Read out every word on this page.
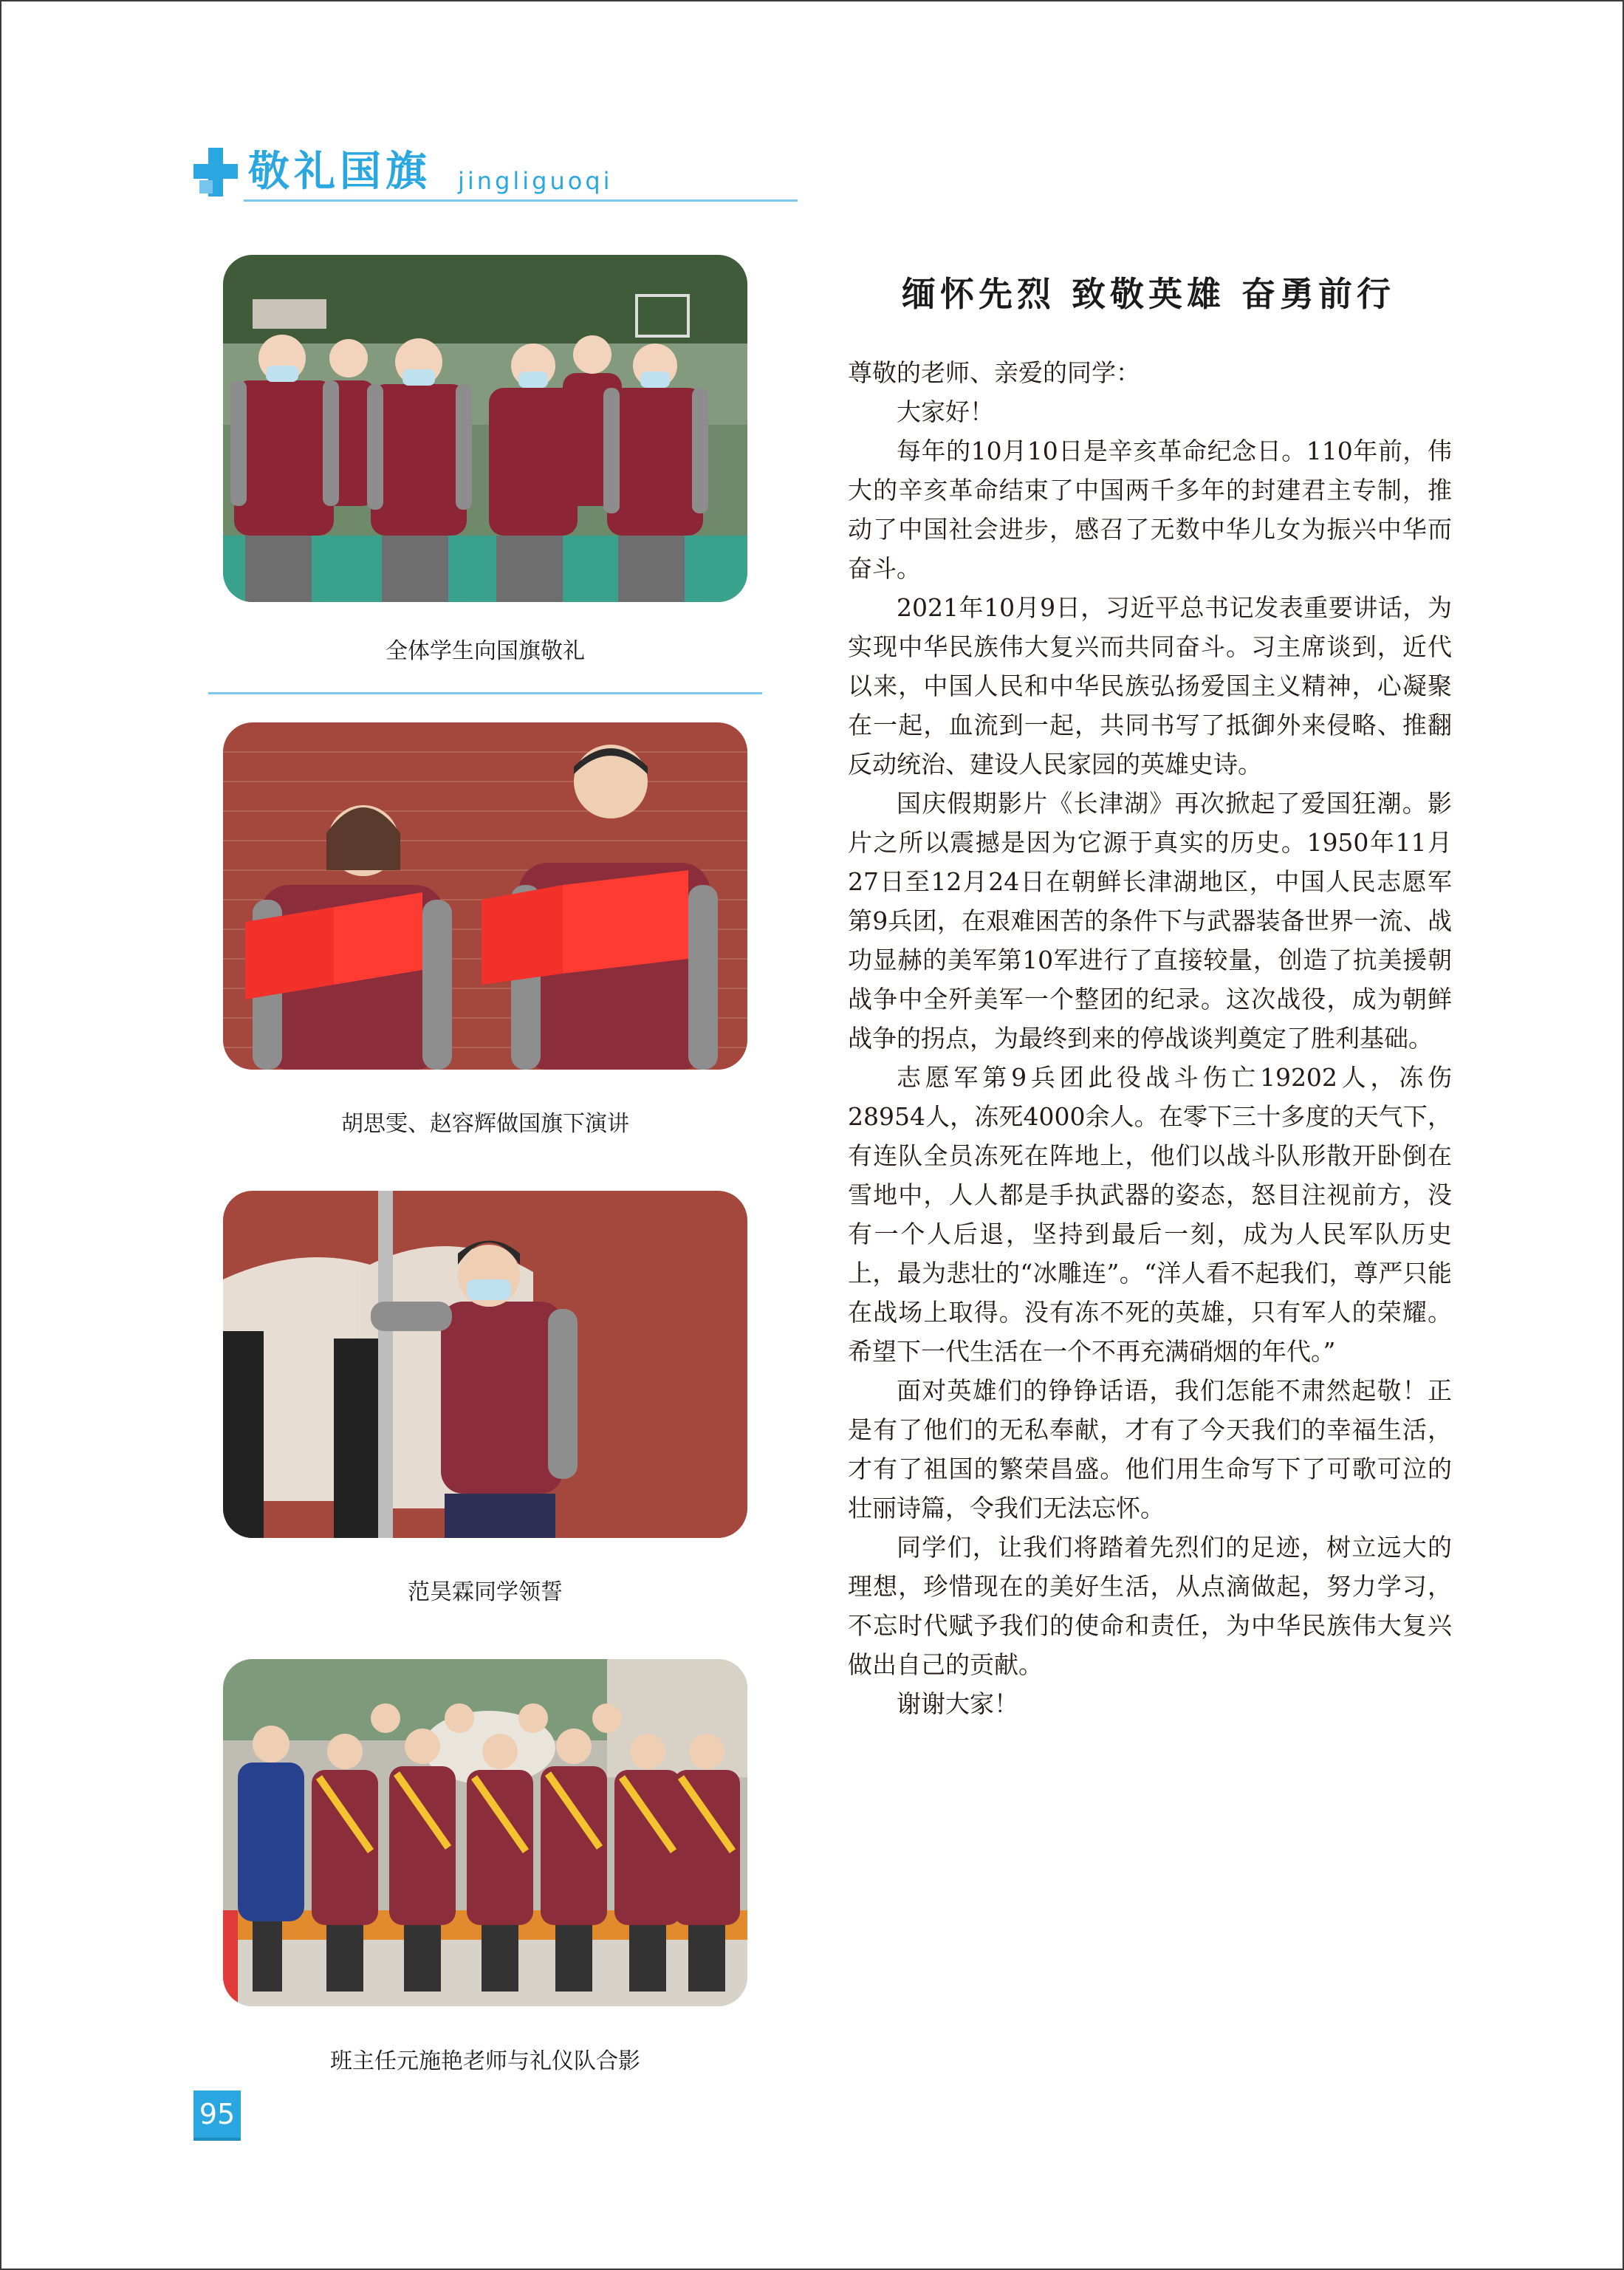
敬礼国旗 jingliguoqi
全体学生向国旗敬礼
胡思雯、赵容辉做国旗下演讲
范昊霖同学领誓
班主任元施艳老师与礼仪队合影
缅怀先烈 致敬英雄 奋勇前行

尊敬的老师、亲爱的同学：

大家好！

每年的10月10日是辛亥革命纪念日。110年前，伟大的辛亥革命结束了中国两千多年的封建君主专制，推动了中国社会进步，感召了无数中华儿女为振兴中华而奋斗。

2021年10月9日，习近平总书记发表重要讲话，为实现中华民族伟大复兴而共同奋斗。习主席谈到，近代以来，中国人民和中华民族弘扬爱国主义精神，心凝聚在一起，血流到一起，共同书写了抵御外来侵略、推翻反动统治、建设人民家园的英雄史诗。

国庆假期影片《长津湖》再次掀起了爱国狂潮。影片之所以震撼是因为它源于真实的历史。1950年11月27日至12月24日在朝鲜长津湖地区，中国人民志愿军第9兵团，在艰难困苦的条件下与武器装备世界一流、战功显赫的美军第10军进行了直接较量，创造了抗美援朝战争中全歼美军一个整团的纪录。这次战役，成为朝鲜战争的拐点，为最终到来的停战谈判奠定了胜利基础。

志愿军第9兵团此役战斗伤亡19202人，冻伤28954人，冻死4000余人。在零下三十多度的天气下，有连队全员冻死在阵地上，他们以战斗队形散开卧倒在雪地中，人人都是手执武器的姿态，怒目注视前方，没有一个人后退，坚持到最后一刻，成为人民军队历史上，最为悲壮的“冰雕连”。“洋人看不起我们，尊严只能在战场上取得。没有冻不死的英雄，只有军人的荣耀。希望下一代生活在一个不再充满硝烟的年代。”

面对英雄们的铮铮话语，我们怎能不肃然起敬！正是有了他们的无私奉献，才有了今天我们的幸福生活，才有了祖国的繁荣昌盛。他们用生命写下了可歌可泣的壮丽诗篇，令我们无法忘怀。

同学们，让我们将踏着先烈们的足迹，树立远大的理想，珍惜现在的美好生活，从点滴做起，努力学习，不忘时代赋予我们的使命和责任，为中华民族伟大复兴做出自己的贡献。

谢谢大家！

95
